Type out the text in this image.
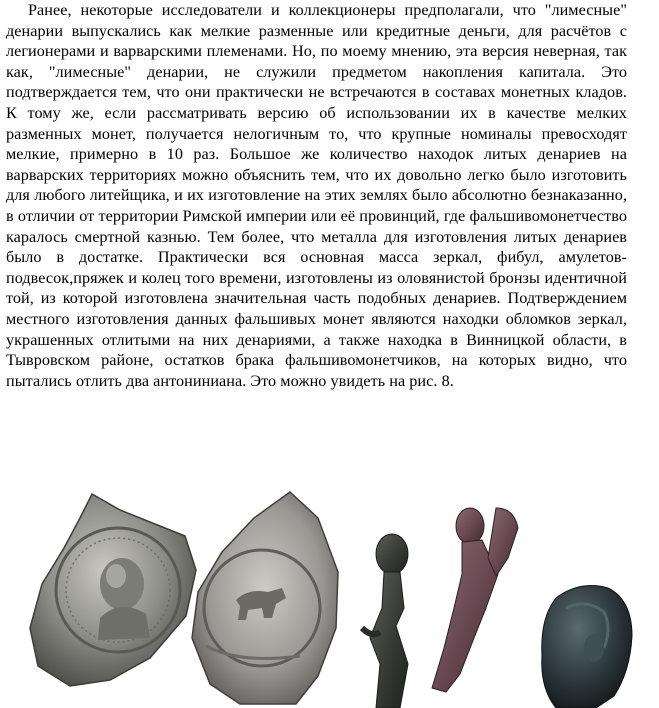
Ранее, некоторые исследователи и коллекционеры предполагали, что "лимесные" денарии выпускались как мелкие разменные или кредитные деньги, для расчётов с легионерами и варварскими племенами. Но, по моему мнению, эта версия неверная, так как, "лимесные" денарии, не служили предметом накопления капитала. Это подтверждается тем, что они практически не встречаются в составах монетных кладов. К тому же, если рассматривать версию об использовании их в качестве мелких разменных монет, получается нелогичным то, что крупные номиналы превосходят мелкие, примерно в 10 раз. Большое же количество находок литых денариев на варварских территориях можно объяснить тем, что их довольно легко было изготовить для любого литейщика, и их изготовление на этих землях было абсолютно безнаказанно, в отличии от территории Римской империи или её провинций, где фальшивомонетчество каралось смертной казнью. Тем более, что металла для изготовления литых денариев было в достатке. Практически вся основная масса зеркал, фибул, амулетов-подвесок,пряжек и колец того времени, изготовлены из оловянистой бронзы идентичной той, из которой изготовлена значительная часть подобных денариев. Подтверждением местного изготовления данных фальшивых монет являются находки обломков зеркал, украшенных отлитыми на них денариями, а также находка в Винницкой области, в Тывровском районе, остатков брака фальшивомонетчиков, на которых видно, что пытались отлить два антониниана. Это можно увидеть на рис. 8.
